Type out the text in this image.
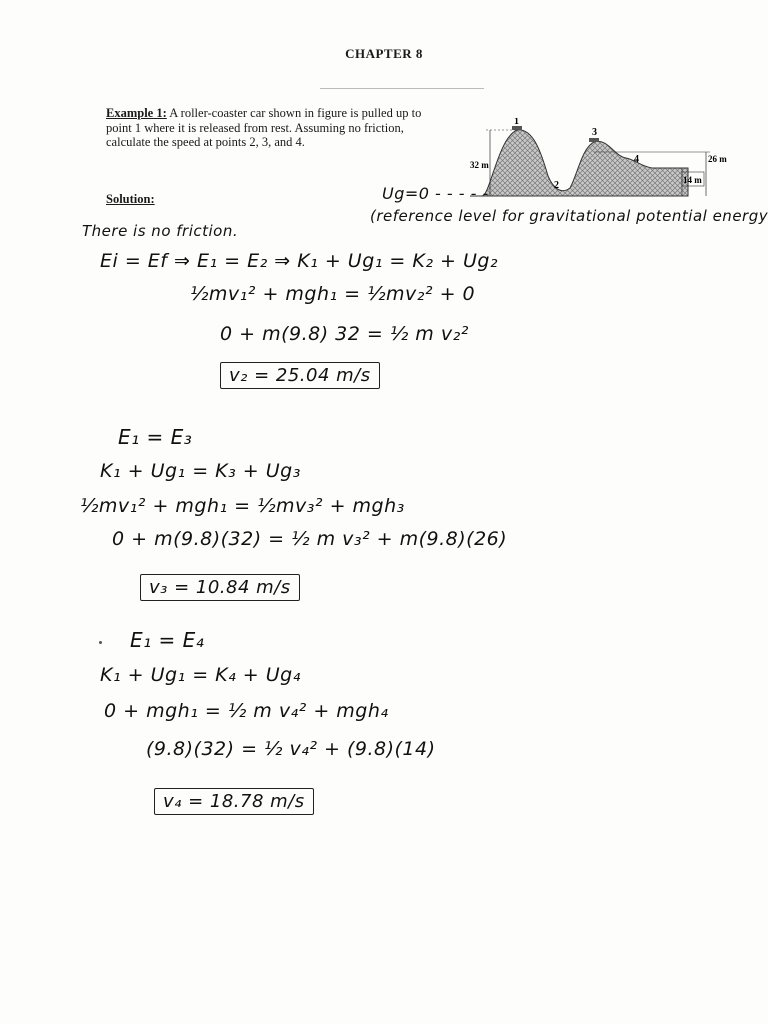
CHAPTER 8
Example 1: A roller-coaster car shown in figure is pulled up to point 1 where it is released from rest. Assuming no friction, calculate the speed at points 2, 3, and 4.
1
2
3
4
32 m
26 m
14 m
Solution:	Ug=0 - - - - -
(reference level for gravitational potential energy
There is no friction.
Ei = Ef ⇒ E₁ = E₂ ⇒ K₁ + Ug₁ = K₂ + Ug₂
½mv₁² + mgh₁ = ½mv₂² + 0
0 + m(9.8) 32 = ½ m v₂²
v₂ = 25.04 m/s
E₁ = E₃
K₁ + Ug₁ = K₃ + Ug₃
½mv₁² + mgh₁ = ½mv₃² + mgh₃
0 + m(9.8)(32) = ½ m v₃² + m(9.8)(26)
v₃ = 10.84 m/s
E₁ = E₄
K₁ + Ug₁ = K₄ + Ug₄
0 + mgh₁ = ½ m v₄² + mgh₄
(9.8)(32) = ½ v₄² + (9.8)(14)
v₄ = 18.78 m/s
